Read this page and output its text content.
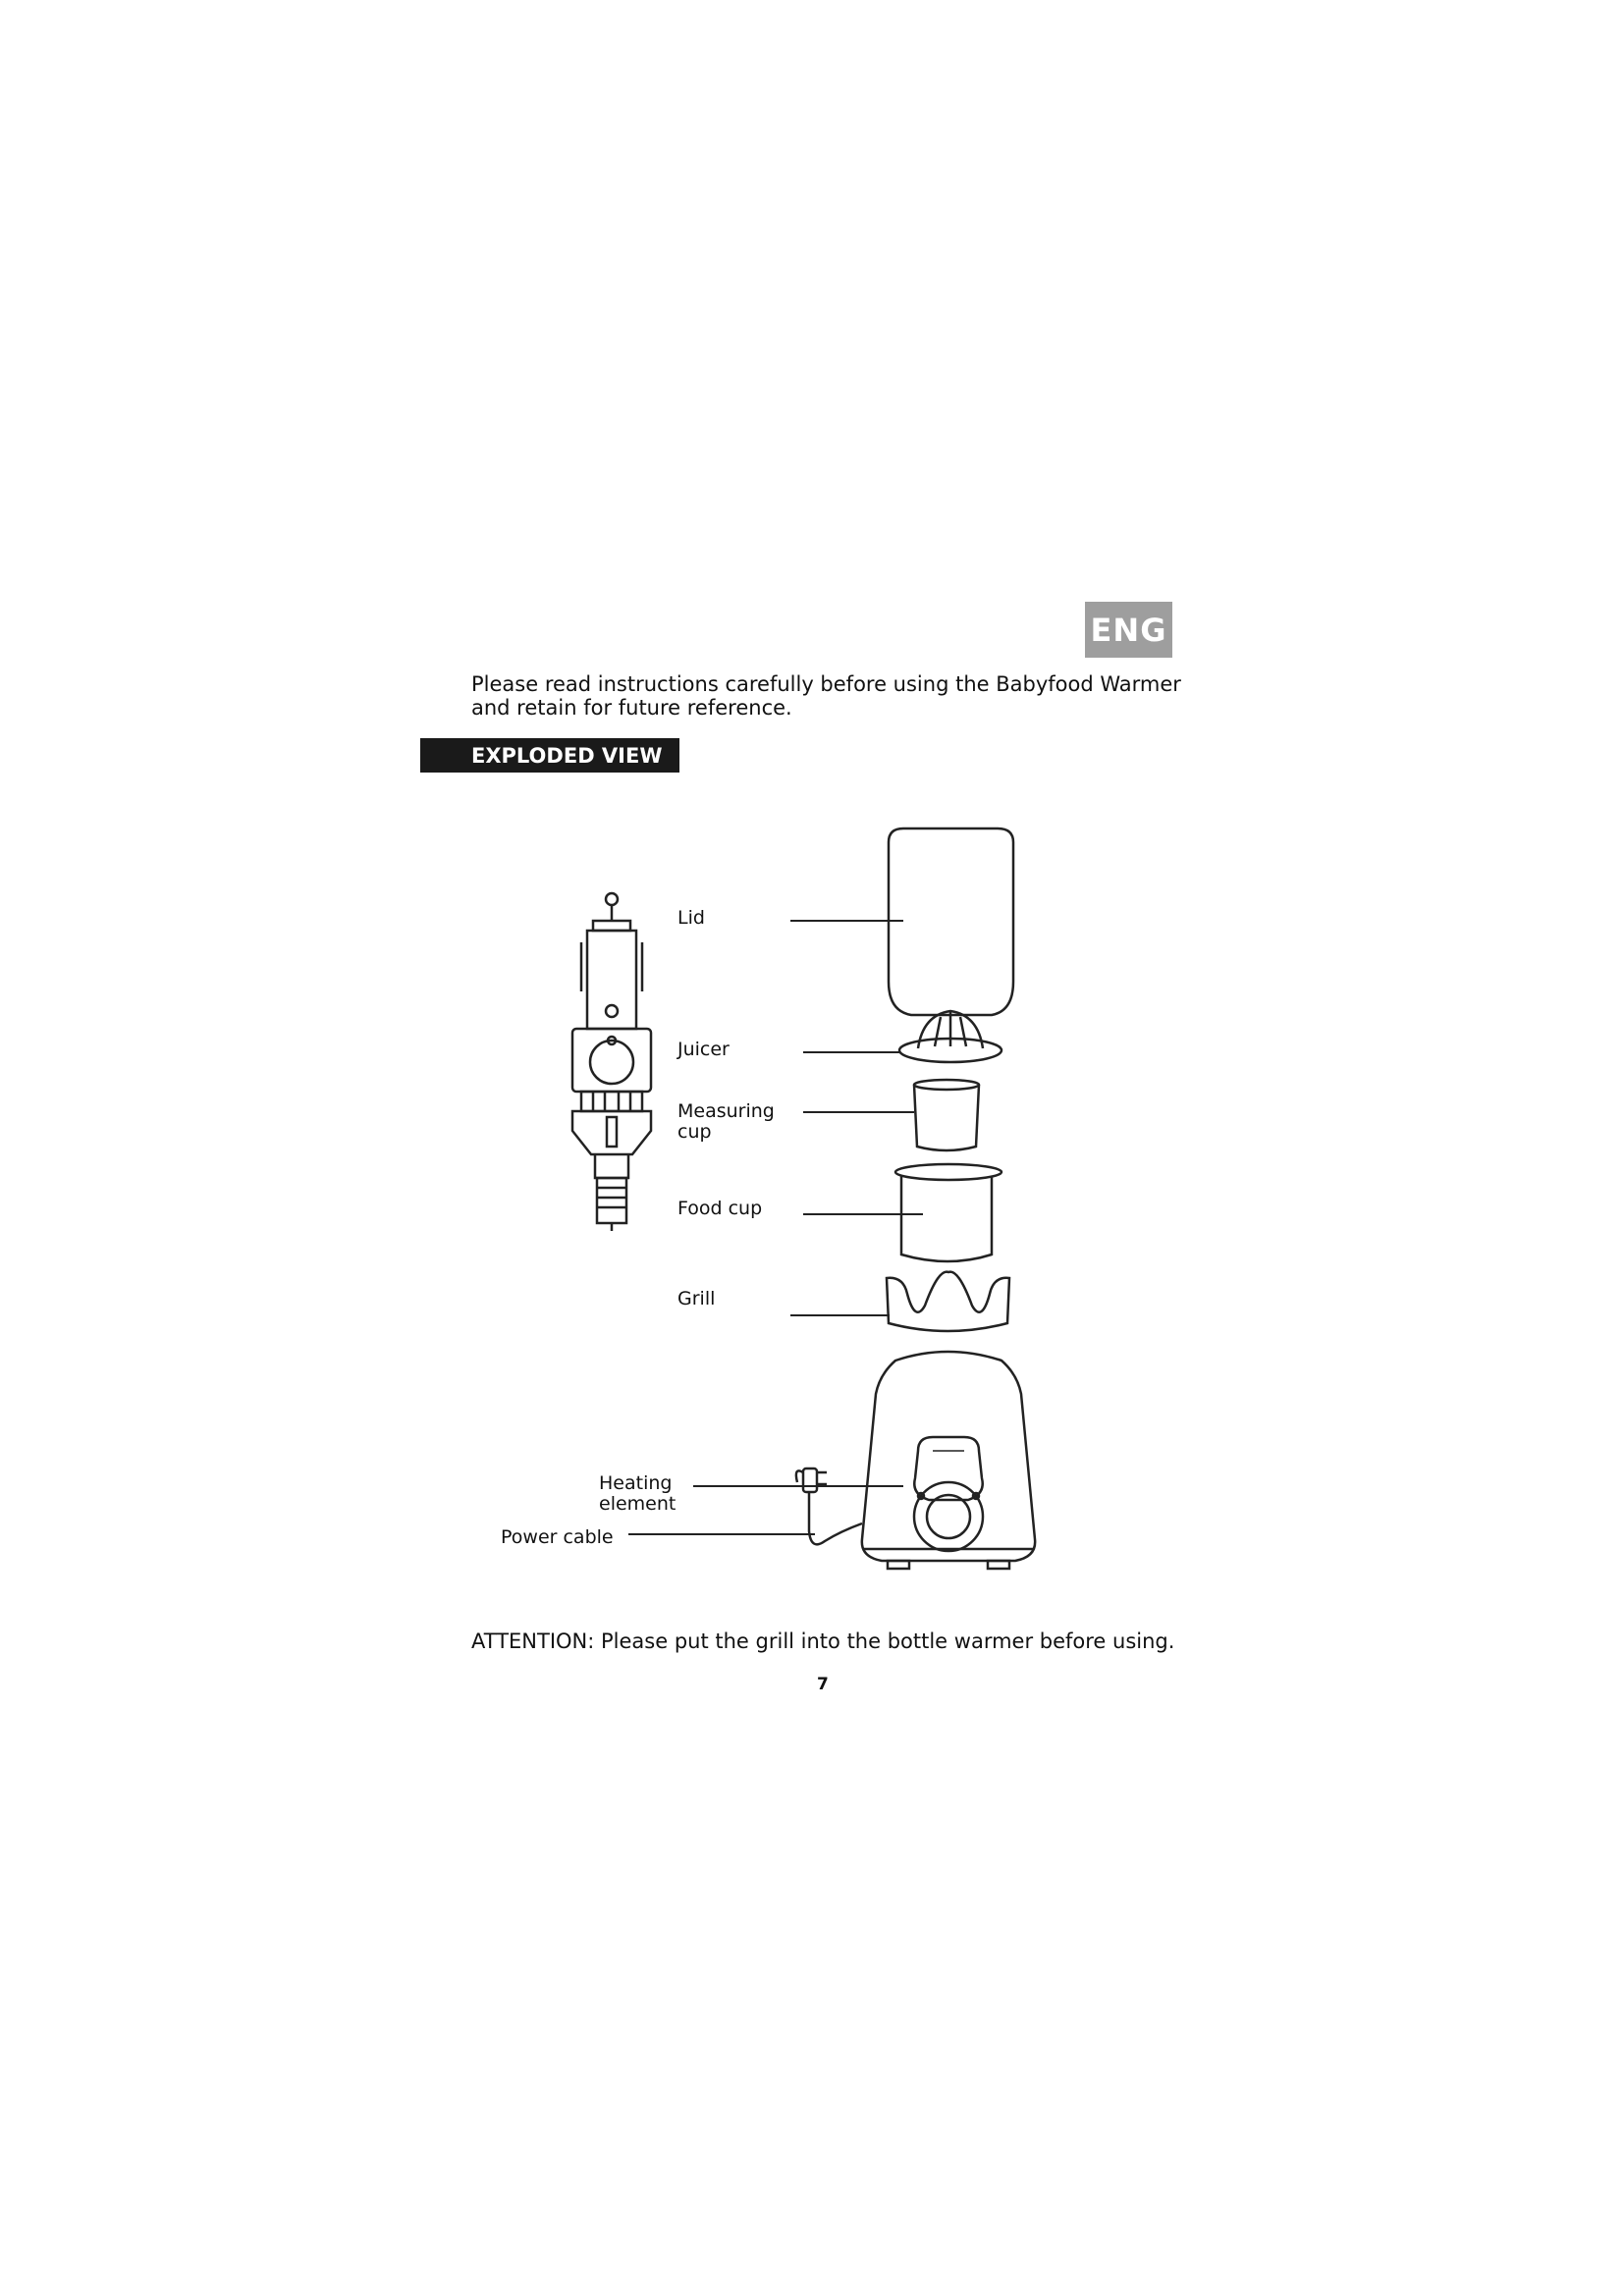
ENG
Please read instructions carefully before using the Babyfood Warmer and retain for future reference.
EXPLODED VIEW
Lid
Juicer
Measuring cup
Food cup
Grill
Heating element
Power cable
ATTENTION: Please put the grill into the bottle warmer before using.
7
